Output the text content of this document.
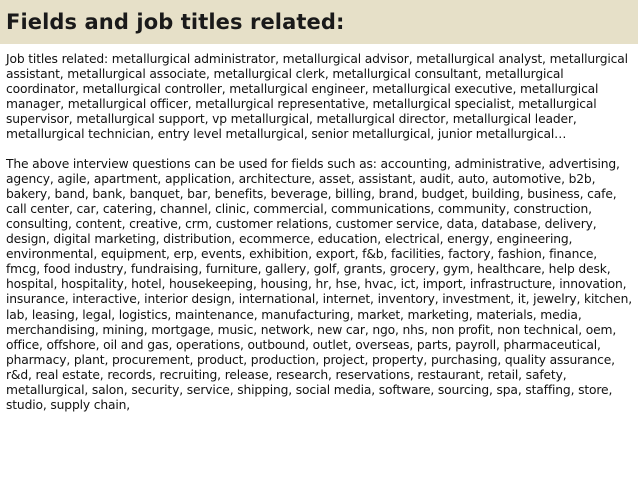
Fields and job titles related:

Job titles related: metallurgical administrator, metallurgical advisor, metallurgical analyst, metallurgical assistant, metallurgical associate, metallurgical clerk, metallurgical consultant, metallurgical coordinator, metallurgical controller, metallurgical engineer, metallurgical executive, metallurgical manager, metallurgical officer, metallurgical representative, metallurgical specialist, metallurgical supervisor, metallurgical support, vp metallurgical, metallurgical director, metallurgical leader, metallurgical technician, entry level metallurgical, senior metallurgical, junior metallurgical…

The above interview questions can be used for fields such as: accounting, administrative, advertising, agency, agile, apartment, application, architecture, asset, assistant, audit, auto, automotive, b2b, bakery, band, bank, banquet, bar, benefits, beverage, billing, brand, budget, building, business, cafe, call center, car, catering, channel, clinic, commercial, communications, community, construction, consulting, content, creative, crm, customer relations, customer service, data, database, delivery, design, digital marketing, distribution, ecommerce, education, electrical, energy, engineering, environmental, equipment, erp, events, exhibition, export, f&b, facilities, factory, fashion, finance, fmcg, food industry, fundraising, furniture, gallery, golf, grants, grocery, gym, healthcare, help desk, hospital, hospitality, hotel, housekeeping, housing, hr, hse, hvac, ict, import, infrastructure, innovation, insurance, interactive, interior design, international, internet, inventory, investment, it, jewelry, kitchen, lab, leasing, legal, logistics, maintenance, manufacturing, market, marketing, materials, media, merchandising, mining, mortgage, music, network, new car, ngo, nhs, non profit, non technical, oem, office, offshore, oil and gas, operations, outbound, outlet, overseas, parts, payroll, pharmaceutical, pharmacy, plant, procurement, product, production, project, property, purchasing, quality assurance, r&d, real estate, records, recruiting, release, research, reservations, restaurant, retail, safety, metallurgical, salon, security, service, shipping, social media, software, sourcing, spa, staffing, store, studio, supply chain,
